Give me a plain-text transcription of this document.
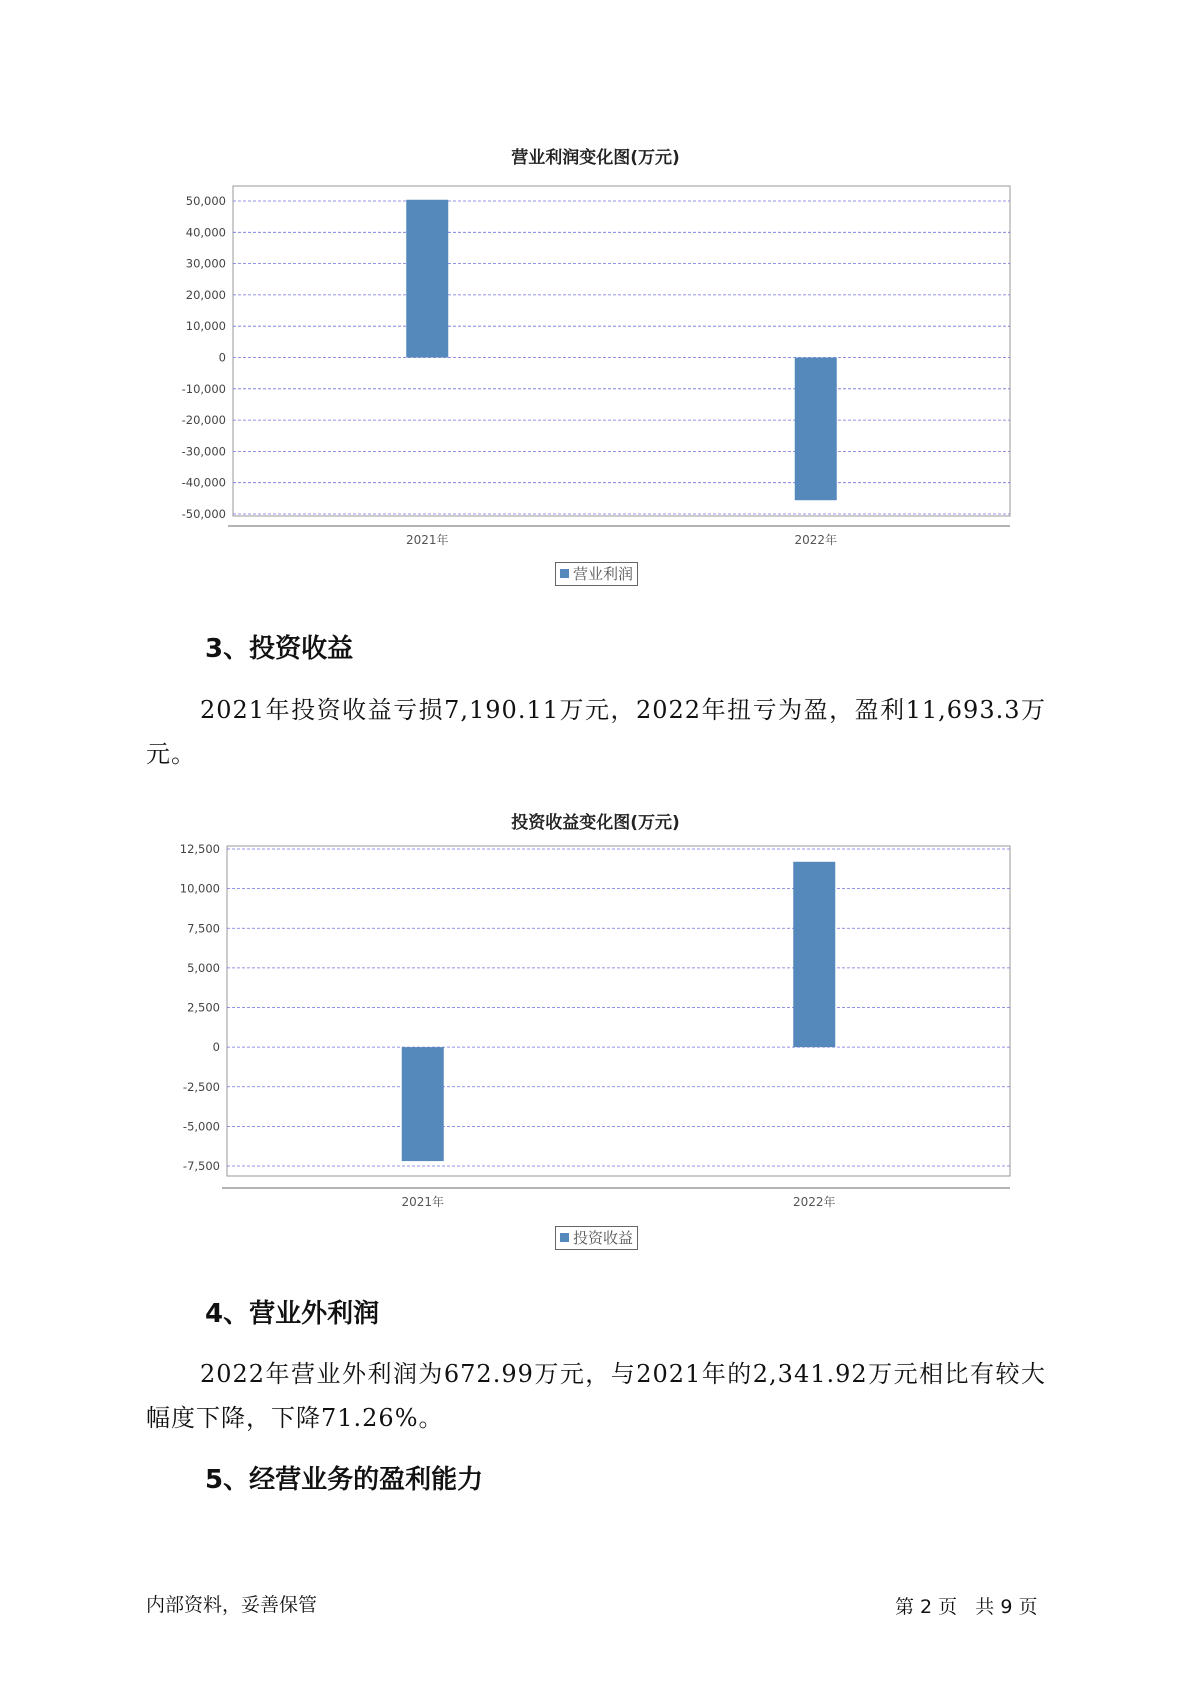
营业利润变化图(万元)
50,000
40,000
30,000
20,000
10,000
0
-10,000
-20,000
-30,000
-40,000
-50,000
2021年	2022年
营业利润
3、投资收益
2021年投资收益亏损7,190.11万元，2022年扭亏为盈，盈利11,693.3万元。
投资收益变化图(万元)
12,500
10,000
7,500
5,000
2,500
0
-2,500
-5,000
-7,500
2021年	2022年
投资收益
4、营业外利润
2022年营业外利润为672.99万元，与2021年的2,341.92万元相比有较大幅度下降，下降71.26%。
5、经营业务的盈利能力
内部资料，妥善保管	第 2 页   共 9 页
